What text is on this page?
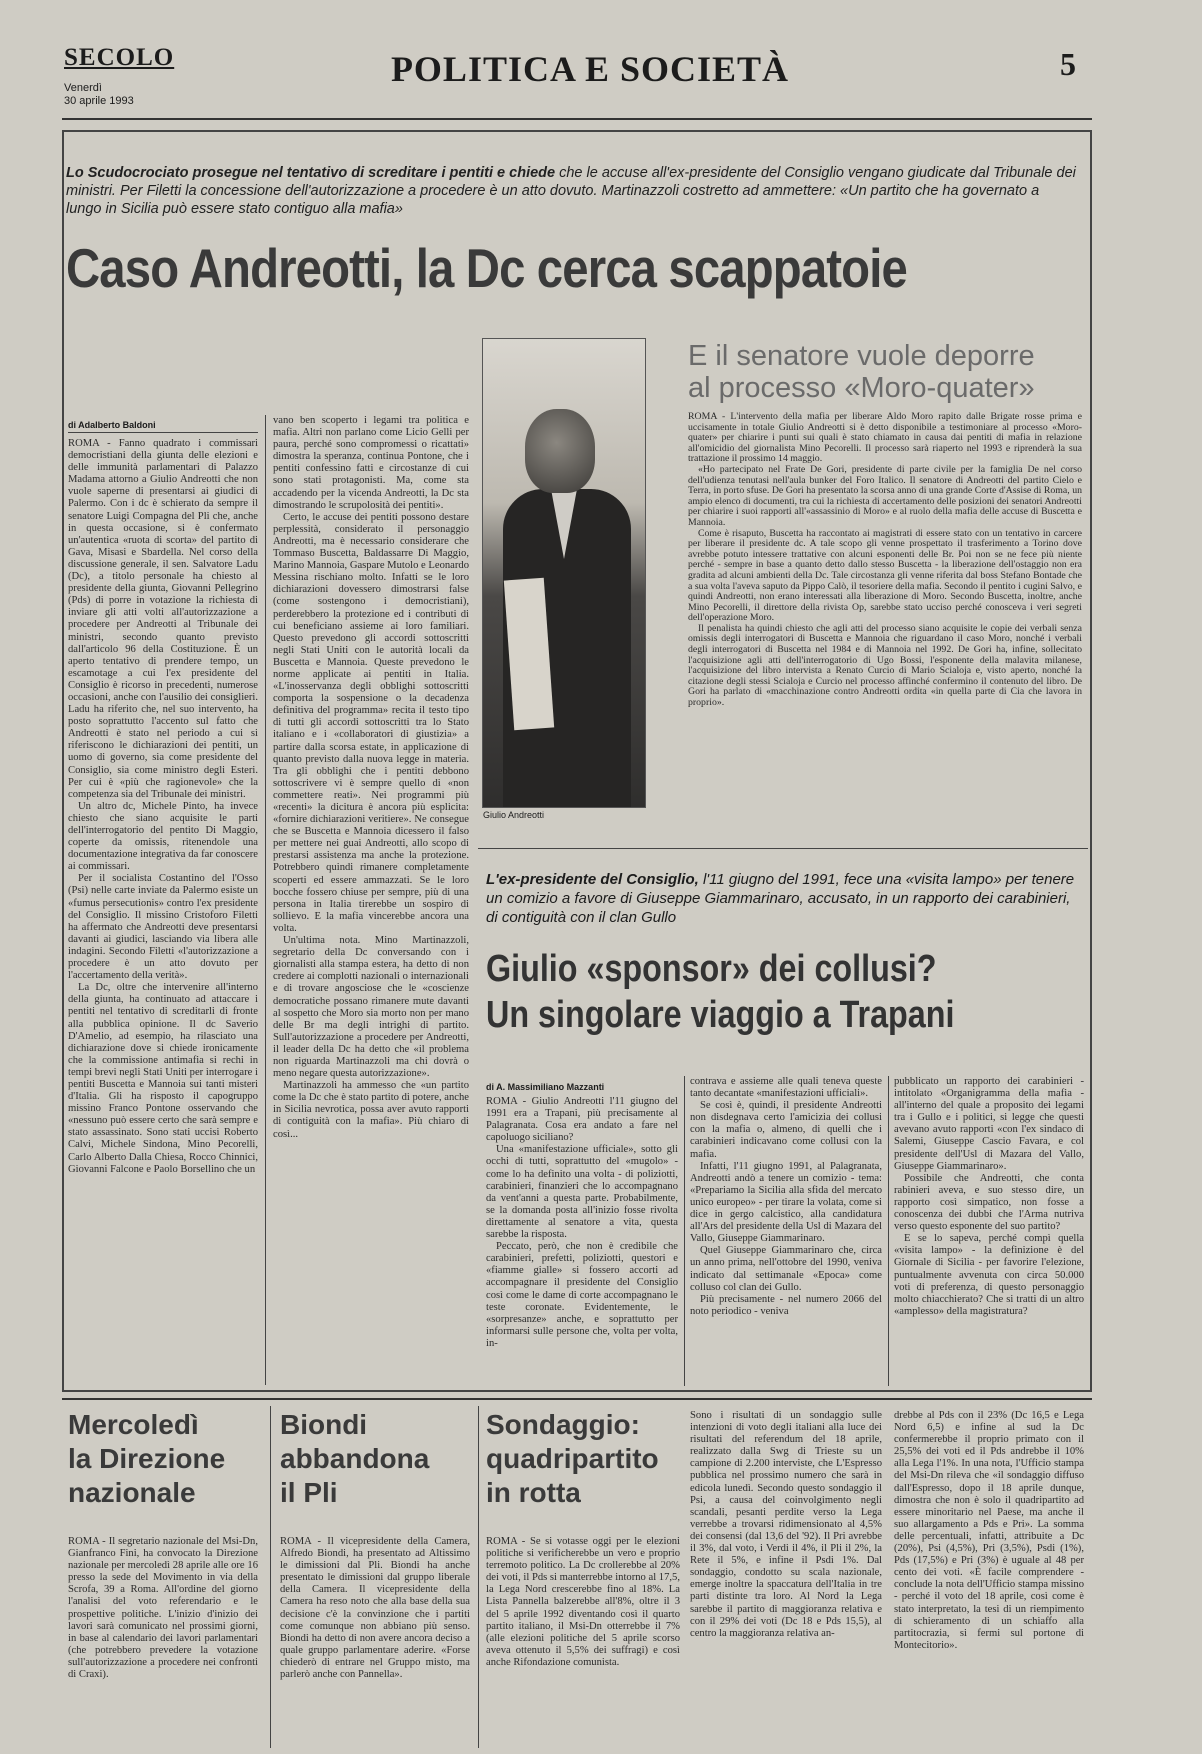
SECOLO
Venerdì
30 aprile 1993
POLITICA E SOCIETÀ	5
Lo Scudocrociato prosegue nel tentativo di screditare i pentiti e chiede che le accuse all'ex-presidente del Consiglio vengano giudicate dal Tribunale dei ministri. Per Filetti la concessione dell'autorizzazione a procedere è un atto dovuto. Martinazzoli costretto ad ammettere: «Un partito che ha governato a lungo in Sicilia può essere stato contiguo alla mafia»
Caso Andreotti, la Dc cerca scappatoie
di Adalberto Baldoni

ROMA - Fanno quadrato i commissari democristiani della giunta delle elezioni e delle immunità parlamentari di Palazzo Madama attorno a Giulio Andreotti che non vuole saperne di presentarsi ai giudici di Palermo. Con i dc è schierato da sempre il senatore Luigi Compagna del Pli che, anche in questa occasione, si è confermato un'autentica «ruota di scorta» del partito di Gava, Misasi e Sbardella. Nel corso della discussione generale, il sen. Salvatore Ladu (Dc), a titolo personale ha chiesto al presidente della giunta, Giovanni Pellegrino (Pds) di porre in votazione la richiesta di inviare gli atti volti all'autorizzazione a procedere per Andreotti al Tribunale dei ministri, secondo quanto previsto dall'articolo 96 della Costituzione. È un aperto tentativo di prendere tempo, un escamotage a cui l'ex presidente del Consiglio è ricorso in precedenti, numerose occasioni, anche con l'ausilio dei consiglieri. Ladu ha riferito che, nel suo intervento, ha posto soprattutto l'accento sul fatto che Andreotti è stato nel periodo a cui si riferiscono le dichiarazioni dei pentiti, un uomo di governo, sia come presidente del Consiglio, sia come ministro degli Esteri. Per cui è «più che ragionevole» che la competenza sia del Tribunale dei ministri.

Un altro dc, Michele Pinto, ha invece chiesto che siano acquisite le parti dell'interrogatorio del pentito Di Maggio, coperte da omissis, ritenendole una documentazione integrativa da far conoscere ai commissari.

Per il socialista Costantino del l'Osso (Psi) nelle carte inviate da Palermo esiste un «fumus persecutionis» contro l'ex presidente del Consiglio. Il missino Cristoforo Filetti ha affermato che Andreotti deve presentarsi davanti ai giudici, lasciando via libera alle indagini. Secondo Filetti «l'autorizzazione a procedere è un atto dovuto per l'accertamento della verità».

La Dc, oltre che intervenire all'interno della giunta, ha continuato ad attaccare i pentiti nel tentativo di screditarli di fronte alla pubblica opinione. Il dc Saverio D'Amelio, ad esempio, ha rilasciato una dichiarazione dove si chiede ironicamente che la commissione antimafia si rechi in tempi brevi negli Stati Uniti per interrogare i pentiti Buscetta e Mannoia sui tanti misteri d'Italia. Gli ha risposto il capogruppo missino Franco Pontone osservando che «nessuno può essere certo che sarà sempre e stato assassinato. Sono stati uccisi Roberto Calvi, Michele Sindona, Mino Pecorelli, Carlo Alberto Dalla Chiesa, Rocco Chinnici, Giovanni Falcone e Paolo Borsellino che un

vano ben scoperto i legami tra politica e mafia. Altri non parlano come Licio Gelli per paura, perché sono compromessi o ricattati» dimostra la speranza, continua Pontone, che i pentiti confessino fatti e circostanze di cui sono stati protagonisti. Ma, come sta accadendo per la vicenda Andreotti, la Dc sta dimostrando le scrupolosità dei pentiti».

Certo, le accuse dei pentiti possono destare perplessità, considerato il personaggio Andreotti, ma è necessario considerare che Tommaso Buscetta, Baldassarre Di Maggio, Marino Mannoia, Gaspare Mutolo e Leonardo Messina rischiano molto. Infatti se le loro dichiarazioni dovessero dimostrarsi false (come sostengono i democristiani), perderebbero la protezione ed i contributi di cui beneficiano assieme ai loro familiari. Questo prevedono gli accordi sottoscritti negli Stati Uniti con le autorità locali da Buscetta e Mannoia. Queste prevedono le norme applicate ai pentiti in Italia. «L'inosservanza degli obblighi sottoscritti comporta la sospensione o la decadenza definitiva del programma» recita il testo tipo di tutti gli accordi sottoscritti tra lo Stato italiano e i «collaboratori di giustizia» a partire dalla scorsa estate, in applicazione di quanto previsto dalla nuova legge in materia. Tra gli obblighi che i pentiti debbono sottoscrivere vi è sempre quello di «non commettere reati». Nei programmi più «recenti» la dicitura è ancora più esplicita: «fornire dichiarazioni veritiere». Ne consegue che se Buscetta e Mannoia dicessero il falso per mettere nei guai Andreotti, allo scopo di prestarsi assistenza ma anche la protezione. Potrebbero quindi rimanere completamente scoperti ed essere ammazzati. Se le loro bocche fossero chiuse per sempre, più di una persona in Italia tirerebbe un sospiro di sollievo. E la mafia vincerebbe ancora una volta.

Un'ultima nota. Mino Martinazzoli, segretario della Dc conversando con i giornalisti alla stampa estera, ha detto di non credere ai complotti nazionali o internazionali e di trovare angosciose che le «coscienze democratiche possano rimanere mute davanti al sospetto che Moro sia morto non per mano delle Br ma degli intrighi di partito. Sull'autorizzazione a procedere per Andreotti, il leader della Dc ha detto che «il problema non riguarda Martinazzoli ma chi dovrà o meno negare questa autorizzazione».

Martinazzoli ha ammesso che «un partito come la Dc che è stato partito di potere, anche in Sicilia nevrotica, possa aver avuto rapporti di contiguità con la mafia». Più chiaro di così...

Giulio Andreotti
E il senatore vuole deporre
al processo «Moro-quater»

ROMA - L'intervento della mafia per liberare Aldo Moro rapito dalle Brigate rosse prima e uccisamente in totale Giulio Andreotti si è detto disponibile a testimoniare al processo «Moro-quater» per chiarire i punti sui quali è stato chiamato in causa dai pentiti di mafia in relazione all'omicidio del giornalista Mino Pecorelli. Il processo sarà riaperto nel 1993 e riprenderà la sua trattazione il prossimo 14 maggio.

«Ho partecipato nel Frate De Gori, presidente di parte civile per la famiglia De nel corso dell'udienza tenutasi nell'aula bunker del Foro Italico. Il senatore di Andreotti del partito Cielo e Terra, in porto sfuse. De Gori ha presentato la scorsa anno di una grande Corte d'Assise di Roma, un ampio elenco di documenti, tra cui la richiesta di accertamento delle posizioni dei senatori Andreotti per chiarire i suoi rapporti all'«assassinio di Moro» e al ruolo della mafia delle accuse di Buscetta e Mannoia.

Come è risaputo, Buscetta ha raccontato ai magistrati di essere stato con un tentativo in carcere per liberare il presidente dc. A tale scopo gli venne prospettato il trasferimento a Torino dove avrebbe potuto intessere trattative con alcuni esponenti delle Br. Poi non se ne fece più niente perché - sempre in base a quanto detto dallo stesso Buscetta - la liberazione dell'ostaggio non era gradita ad alcuni ambienti della Dc. Tale circostanza gli venne riferita dal boss Stefano Bontade che a sua volta l'aveva saputo da Pippo Calò, il tesoriere della mafia. Secondo il pentito i cugini Salvo, e quindi Andreotti, non erano interessati alla liberazione di Moro. Secondo Buscetta, inoltre, anche Mino Pecorelli, il direttore della rivista Op, sarebbe stato ucciso perché conosceva i veri segreti dell'operazione Moro.

Il penalista ha quindi chiesto che agli atti del processo siano acquisite le copie dei verbali senza omissis degli interrogatori di Buscetta e Mannoia che riguardano il caso Moro, nonché i verbali degli interrogatori di Buscetta nel 1984 e di Mannoia nel 1992. De Gori ha, infine, sollecitato l'acquisizione agli atti dell'interrogatorio di Ugo Bossi, l'esponente della malavita milanese, l'acquisizione del libro intervista a Renato Curcio di Mario Scialoja e, visto aperto, nonché la citazione degli stessi Scialoja e Curcio nel processo affinché confermino il contenuto del libro. De Gori ha parlato di «macchinazione contro Andreotti ordita «in quella parte di Cia che lavora in proprio».

L'ex-presidente del Consiglio, l'11 giugno del 1991, fece una «visita lampo» per tenere un comizio a favore di Giuseppe Giammarinaro, accusato, in un rapporto dei carabinieri, di contiguità con il clan Gullo
Giulio «sponsor» dei collusi?
Un singolare viaggio a Trapani
di A. Massimiliano Mazzanti

ROMA - Giulio Andreotti l'11 giugno del 1991 era a Trapani, più precisamente al Palagranata. Cosa era andato a fare nel capoluogo siciliano?

Una «manifestazione ufficiale», sotto gli occhi di tutti, soprattutto del «mugolo» - come lo ha definito una volta - di poliziotti, carabinieri, finanzieri che lo accompagnano da vent'anni a questa parte. Probabilmente, se la domanda posta all'inizio fosse rivolta direttamente al senatore a vita, questa sarebbe la risposta.

Peccato, però, che non è credibile che carabinieri, prefetti, poliziotti, questori e «fiamme gialle» si fossero accorti ad accompagnare il presidente del Consiglio così come le dame di corte accompagnano le teste coronate. Evidentemente, le «sorpresanze» anche, e soprattutto per informarsi sulle persone che, volta per volta, in-

contrava e assieme alle quali teneva queste tanto decantate «manifestazioni ufficiali».

Se così è, quindi, il presidente Andreotti non disdegnava certo l'amicizia dei collusi con la mafia o, almeno, di quelli che i carabinieri indicavano come collusi con la mafia.

Infatti, l'11 giugno 1991, al Palagranata, Andreotti andò a tenere un comizio - tema: «Prepariamo la Sicilia alla sfida del mercato unico europeo» - per tirare la volata, come si dice in gergo calcistico, alla candidatura all'Ars del presidente della Usl di Mazara del Vallo, Giuseppe Giammarinaro.

Quel Giuseppe Giammarinaro che, circa un anno prima, nell'ottobre del 1990, veniva indicato dal settimanale «Epoca» come colluso col clan dei Gullo.

Più precisamente - nel numero 2066 del noto periodico - veniva

pubblicato un rapporto dei carabinieri - intitolato «Organigramma della mafia - all'interno del quale a proposito dei legami tra i Gullo e i politici, si legge che questi avevano avuto rapporti «con l'ex sindaco di Salemi, Giuseppe Cascio Favara, e col presidente dell'Usl di Mazara del Vallo, Giuseppe Giammarinaro».

Possibile che Andreotti, che conta rabinieri aveva, e suo stesso dire, un rapporto così simpatico, non fosse a conoscenza dei dubbi che l'Arma nutriva verso questo esponente del suo partito?

E se lo sapeva, perché compì quella «visita lampo» - la definizione è del Giornale di Sicilia - per favorire l'elezione, puntualmente avvenuta con circa 50.000 voti di preferenza, di questo personaggio molto chiacchierato? Che si tratti di un altro «amplesso» della magistratura?

Mercoledì
la Direzione
nazionale

ROMA - Il segretario nazionale del Msi-Dn, Gianfranco Fini, ha convocato la Direzione nazionale per mercoledì 28 aprile alle ore 16 presso la sede del Movimento in via della Scrofa, 39 a Roma. All'ordine del giorno l'analisi del voto referendario e le prospettive politiche. L'inizio d'inizio dei lavori sarà comunicato nel prossimi giorni, in base al calendario dei lavori parlamentari (che potrebbero prevedere la votazione sull'autorizzazione a procedere nei confronti di Craxi).

Biondi
abbandona
il Pli

ROMA - Il vicepresidente della Camera, Alfredo Biondi, ha presentato ad Altissimo le dimissioni dal Pli. Biondi ha anche presentato le dimissioni dal gruppo liberale della Camera. Il vicepresidente della Camera ha reso noto che alla base della sua decisione c'è la convinzione che i partiti come comunque non abbiano più senso. Biondi ha detto di non avere ancora deciso a quale gruppo parlamentare aderire. «Forse chiederò di entrare nel Gruppo misto, ma parlerò anche con Pannella».

Sondaggio:
quadripartito
in rotta

ROMA - Se si votasse oggi per le elezioni politiche si verificherebbe un vero e proprio terremoto politico. La Dc crollerebbe al 20% dei voti, il Pds si manterrebbe intorno al 17,5, la Lega Nord crescerebbe fino al 18%. La Lista Pannella balzerebbe all'8%, oltre il 3 del 5 aprile 1992 diventando così il quarto partito italiano, il Msi-Dn otterrebbe il 7% (alle elezioni politiche del 5 aprile scorso aveva ottenuto il 5,5% dei suffragi) e così anche Rifondazione comunista.

Sono i risultati di un sondaggio sulle intenzioni di voto degli italiani alla luce dei risultati del referendum del 18 aprile, realizzato dalla Swg di Trieste su un campione di 2.200 interviste, che L'Espresso pubblica nel prossimo numero che sarà in edicola lunedì. Secondo questo sondaggio il Psi, a causa del coinvolgimento negli scandali, pesanti perdite verso la Lega verrebbe a trovarsi ridimensionato al 4,5% dei consensi (dal 13,6 del '92). Il Pri avrebbe il 3%, dal voto, i Verdi il 4%, il Pli il 2%, la Rete il 5%, e infine il Psdi 1%. Dal sondaggio, condotto su scala nazionale, emerge inoltre la spaccatura dell'Italia in tre parti distinte tra loro. Al Nord la Lega sarebbe il partito di maggioranza relativa e con il 29% dei voti (Dc 18 e Pds 15,5), al centro la maggioranza relativa an-

drebbe al Pds con il 23% (Dc 16,5 e Lega Nord 6,5) e infine al sud la Dc confermerebbe il proprio primato con il 25,5% dei voti ed il Pds andrebbe il 10% alla Lega l'1%. In una nota, l'Ufficio stampa del Msi-Dn rileva che «il sondaggio diffuso dall'Espresso, dopo il 18 aprile dunque, dimostra che non è solo il quadripartito ad essere minoritario nel Paese, ma anche il suo allargamento a Pds e Pri». La somma delle percentuali, infatti, attribuite a Dc (20%), Psi (4,5%), Pri (3,5%), Psdi (1%), Pds (17,5%) e Pri (3%) è uguale al 48 per cento dei voti. «È facile comprendere - conclude la nota dell'Ufficio stampa missino - perché il voto del 18 aprile, così come è stato interpretato, la tesi di un riempimento di schieramento di un schiaffo alla partitocrazia, si fermi sul portone di Montecitorio».
